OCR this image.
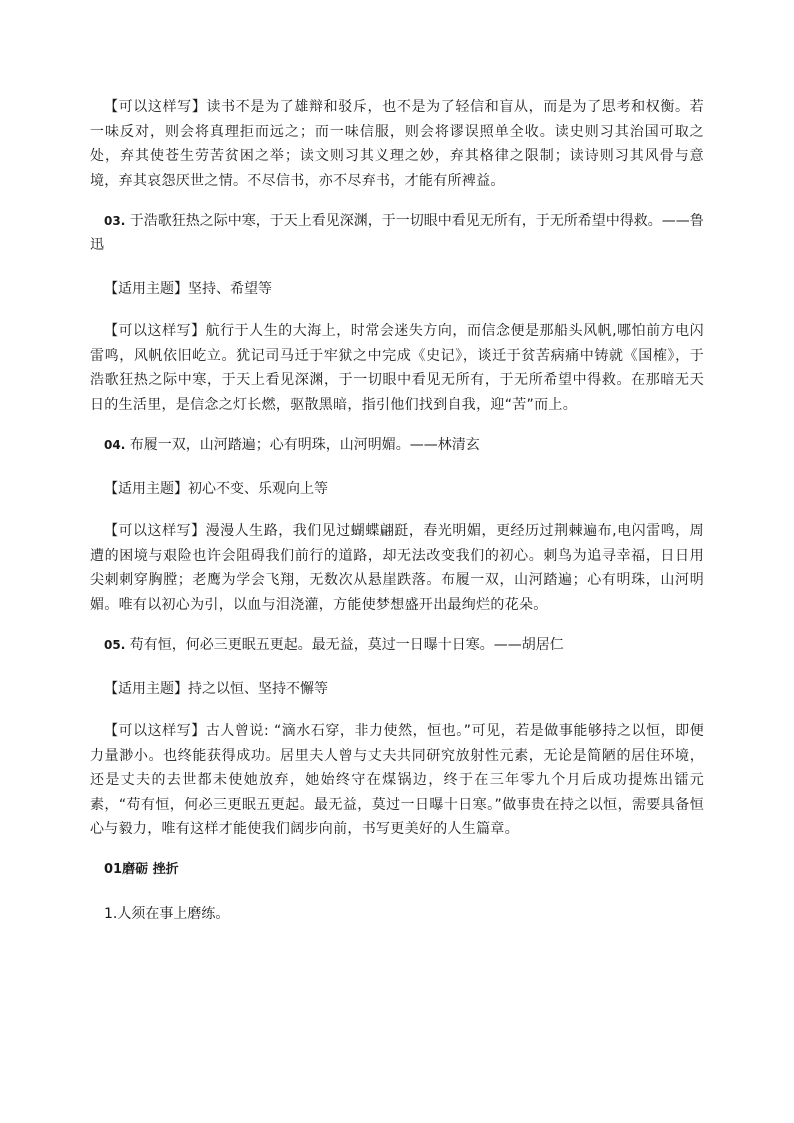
【可以这样写】读书不是为了雄辩和驳斥，也不是为了轻信和盲从，而是为了思考和权衡。若一味反对，则会将真理拒而远之；而一味信服，则会将谬误照单全收。读史则习其治国可取之处，弃其使苍生劳苦贫困之举；读文则习其义理之妙，弃其格律之限制；读诗则习其风骨与意境，弃其哀怨厌世之情。不尽信书，亦不尽弃书，才能有所裨益。

03. 于浩歌狂热之际中寒，于天上看见深渊，于一切眼中看见无所有，于无所希望中得救。——鲁迅

【适用主题】坚持、希望等

【可以这样写】航行于人生的大海上，时常会迷失方向，而信念便是那船头风帆,哪怕前方电闪雷鸣，风帆依旧屹立。犹记司马迁于牢狱之中完成《史记》，谈迁于贫苦病痛中铸就《国榷》，于浩歌狂热之际中寒，于天上看见深渊，于一切眼中看见无所有，于无所希望中得救。在那暗无天日的生活里，是信念之灯长燃，驱散黑暗，指引他们找到自我，迎“苦”而上。

04. 布履一双，山河踏遍；心有明珠，山河明媚。——林清玄

【适用主题】初心不变、乐观向上等

【可以这样写】漫漫人生路，我们见过蝴蝶翩跹，春光明媚，更经历过荆棘遍布,电闪雷鸣，周遭的困境与艰险也许会阻碍我们前行的道路，却无法改变我们的初心。刺鸟为追寻幸福，日日用尖刺刺穿胸膛；老鹰为学会飞翔，无数次从悬崖跌落。布履一双，山河踏遍；心有明珠，山河明媚。唯有以初心为引，以血与泪浇灌，方能使梦想盛开出最绚烂的花朵。

05. 苟有恒，何必三更眠五更起。最无益，莫过一日曝十日寒。——胡居仁

【适用主题】持之以恒、坚持不懈等

【可以这样写】古人曾说: “滴水石穿，非力使然，恒也。”可见，若是做事能够持之以恒，即便力量渺小。也终能获得成功。居里夫人曾与丈夫共同研究放射性元素，无论是简陋的居住环境，还是丈夫的去世都未使她放弃，她始终守在煤锅边，终于在三年零九个月后成功提炼出镭元素，“苟有恒，何必三更眠五更起。最无益，莫过一日曝十日寒。”做事贵在持之以恒，需要具备恒心与毅力，唯有这样才能使我们阔步向前，书写更美好的人生篇章。

01磨砺 挫折

1.人须在事上磨练。
